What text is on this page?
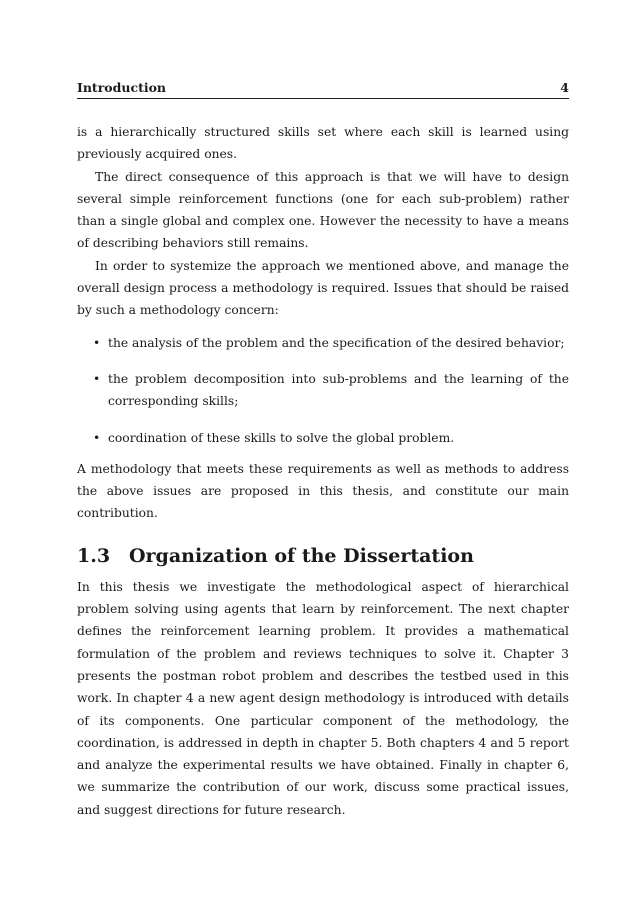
Introduction	4

is a hierarchically structured skills set where each skill is learned using previously acquired ones.

The direct consequence of this approach is that we will have to design several simple reinforcement functions (one for each sub-problem) rather than a single global and complex one. However the necessity to have a means of describing behaviors still remains.

In order to systemize the approach we mentioned above, and manage the overall design process a methodology is required. Issues that should be raised by such a methodology concern:

• the analysis of the problem and the specification of the desired behavior;
• the problem decomposition into sub-problems and the learning of the corresponding skills;
• coordination of these skills to solve the global problem.

A methodology that meets these requirements as well as methods to address the above issues are proposed in this thesis, and constitute our main contribution.

1.3 Organization of the Dissertation

In this thesis we investigate the methodological aspect of hierarchical problem solving using agents that learn by reinforcement. The next chapter defines the reinforcement learning problem. It provides a mathematical formulation of the problem and reviews techniques to solve it. Chapter 3 presents the postman robot problem and describes the testbed used in this work. In chapter 4 a new agent design methodology is introduced with details of its components. One particular component of the methodology, the coordination, is addressed in depth in chapter 5. Both chapters 4 and 5 report and analyze the experimental results we have obtained. Finally in chapter 6, we summarize the contribution of our work, discuss some practical issues, and suggest directions for future research.
